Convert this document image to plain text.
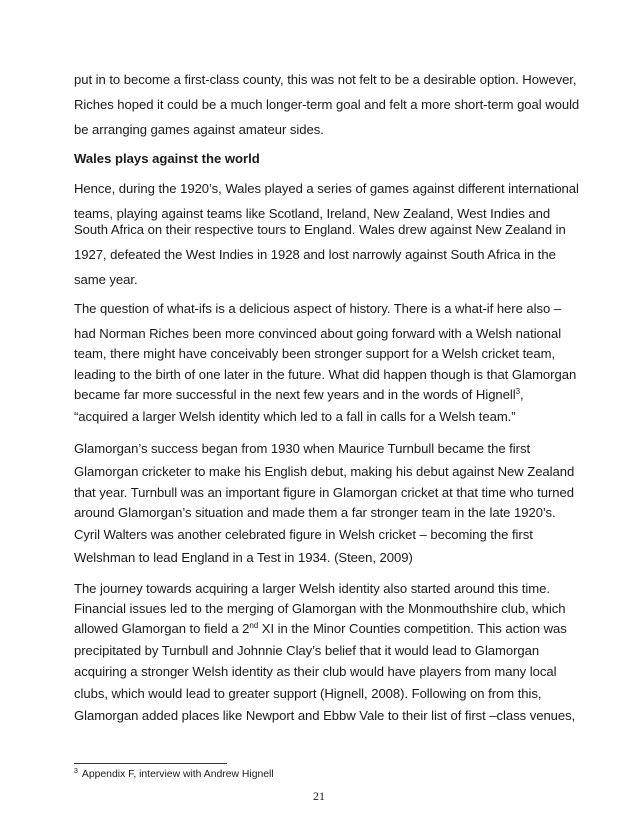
put in to become a first-class county, this was not felt to be a desirable option. However,
Riches hoped it could be a much longer-term goal and felt a more short-term goal would
be arranging games against amateur sides.
Wales plays against the world
Hence, during the 1920’s, Wales played a series of games against different international
teams, playing against teams like Scotland, Ireland, New Zealand, West Indies and
South Africa on their respective tours to England. Wales drew against New Zealand in
1927, defeated the West Indies in 1928 and lost narrowly against South Africa in the
same year.
The question of what-ifs is a delicious aspect of history. There is a what-if here also –
had Norman Riches been more convinced about going forward with a Welsh national
team, there might have conceivably been stronger support for a Welsh cricket team,
leading to the birth of one later in the future. What did happen though is that Glamorgan
became far more successful in the next few years and in the words of Hignell$^3$,
“acquired a larger Welsh identity which led to a fall in calls for a Welsh team.”
Glamorgan’s success began from 1930 when Maurice Turnbull became the first
Glamorgan cricketer to make his English debut, making his debut against New Zealand
that year. Turnbull was an important figure in Glamorgan cricket at that time who turned
around Glamorgan’s situation and made them a far stronger team in the late 1920’s.
Cyril Walters was another celebrated figure in Welsh cricket – becoming the first
Welshman to lead England in a Test in 1934. (Steen, 2009)
The journey towards acquiring a larger Welsh identity also started around this time.
Financial issues led to the merging of Glamorgan with the Monmouthshire club, which
allowed Glamorgan to field a 2nd XI in the Minor Counties competition. This action was
precipitated by Turnbull and Johnnie Clay’s belief that it would lead to Glamorgan
acquiring a stronger Welsh identity as their club would have players from many local
clubs, which would lead to greater support (Hignell, 2008). Following on from this,
Glamorgan added places like Newport and Ebbw Vale to their list of first –class venues,
$^3$ Appendix F, interview with Andrew Hignell
21
